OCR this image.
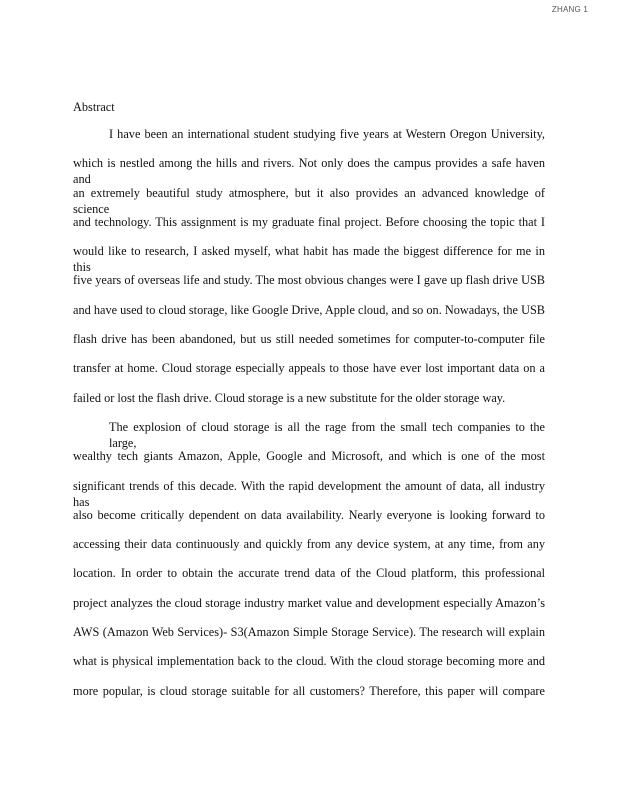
ZHANG 1
Abstract
I have been an international student studying five years at Western Oregon University,
which is nestled among the hills and rivers. Not only does the campus provides a safe haven and
an extremely beautiful study atmosphere, but it also provides an advanced knowledge of science
and technology. This assignment is my graduate final project. Before choosing the topic that I
would like to research, I asked myself, what habit has made the biggest difference for me in this
five years of overseas life and study. The most obvious changes were I gave up flash drive USB
and have used to cloud storage, like Google Drive, Apple cloud, and so on. Nowadays, the USB
flash drive has been abandoned, but us still needed sometimes for computer-to-computer file
transfer at home. Cloud storage especially appeals to those have ever lost important data on a
failed or lost the flash drive. Cloud storage is a new substitute for the older storage way.
The explosion of cloud storage is all the rage from the small tech companies to the large,
wealthy tech giants Amazon, Apple, Google and Microsoft, and which is one of the most
significant trends of this decade. With the rapid development the amount of data, all industry has
also become critically dependent on data availability. Nearly everyone is looking forward to
accessing their data continuously and quickly from any device system, at any time, from any
location. In order to obtain the accurate trend data of the Cloud platform, this professional
project analyzes the cloud storage industry market value and development especially Amazon’s
AWS (Amazon Web Services)- S3(Amazon Simple Storage Service). The research will explain
what is physical implementation back to the cloud. With the cloud storage becoming more and
more popular, is cloud storage suitable for all customers? Therefore, this paper will compare
